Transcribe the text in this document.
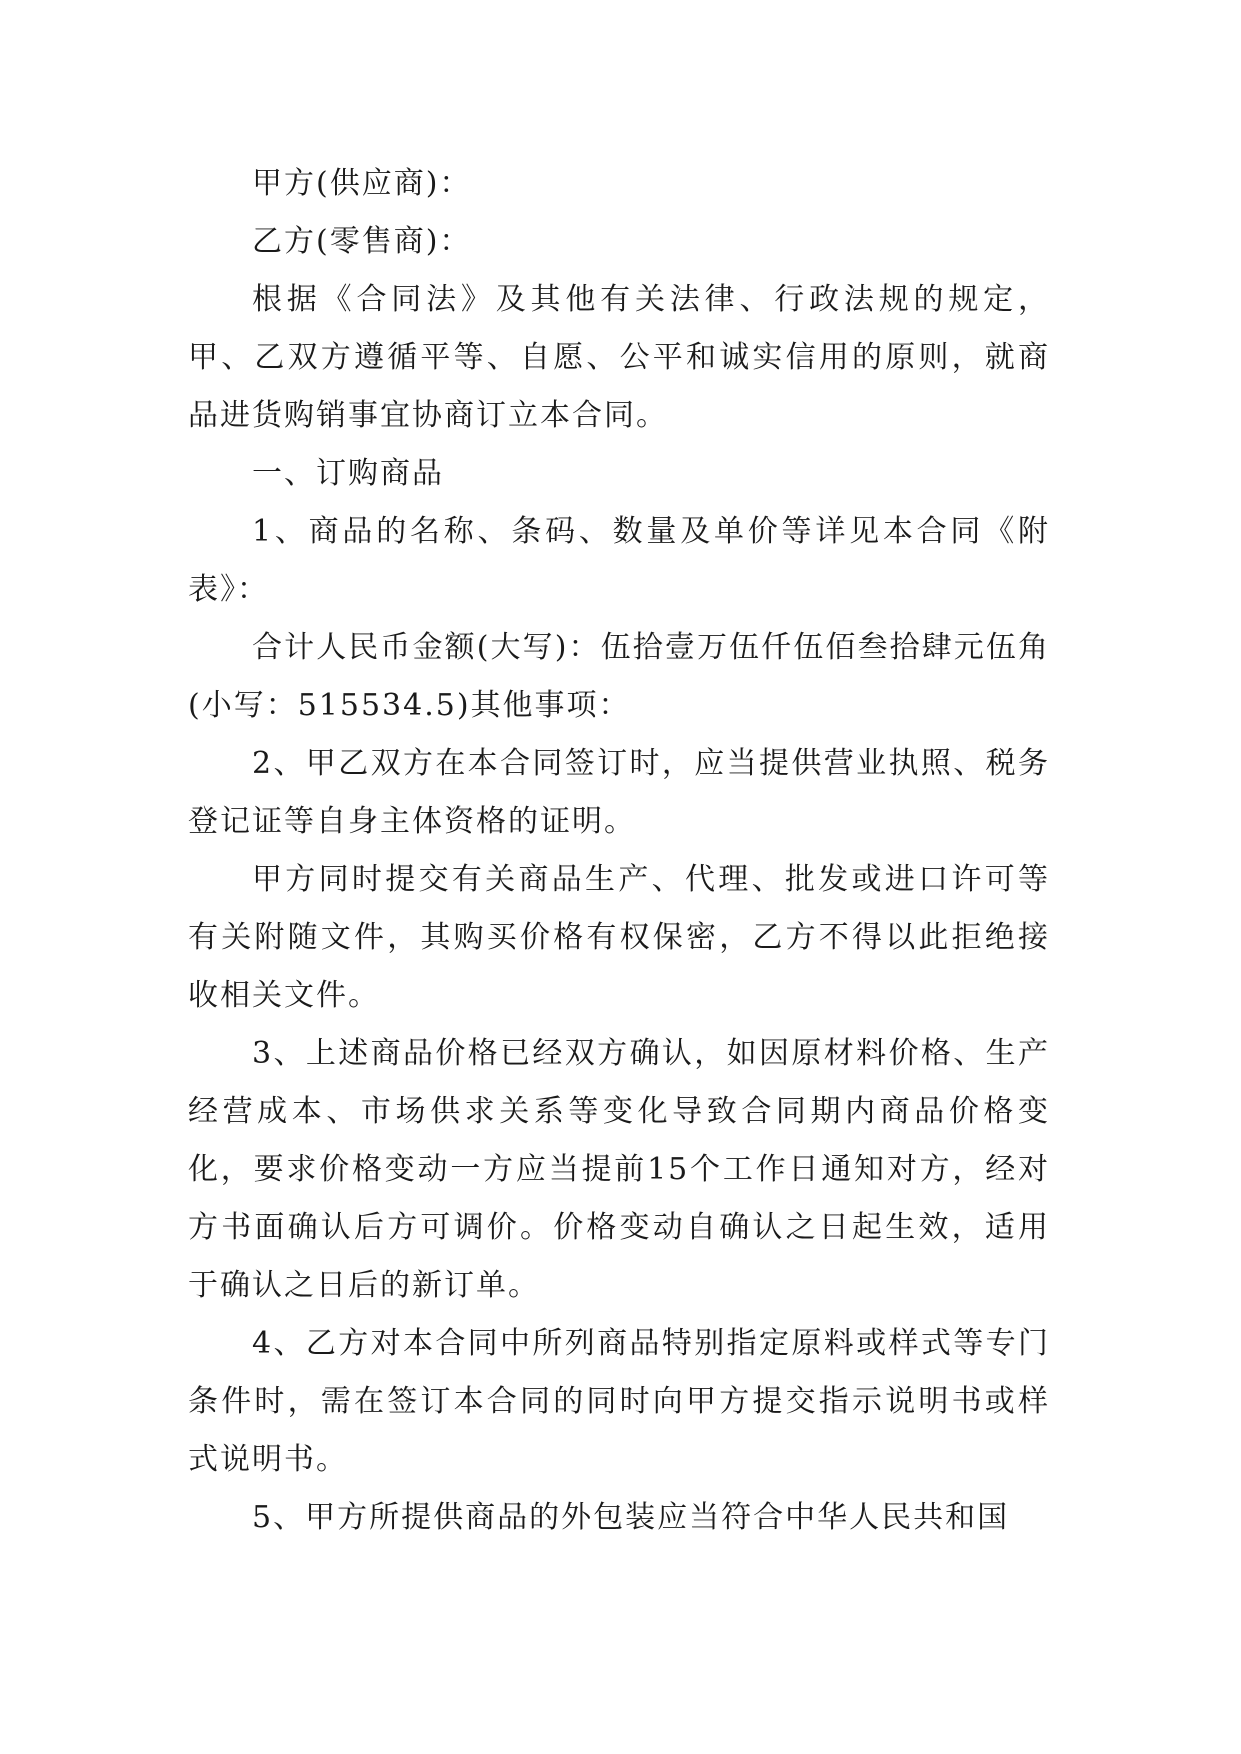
甲方(供应商)：

乙方(零售商)：

根据《合同法》及其他有关法律、行政法规的规定，甲、乙双方遵循平等、自愿、公平和诚实信用的原则，就商品进货购销事宜协商订立本合同。

一、订购商品

1、商品的名称、条码、数量及单价等详见本合同《附表》：

合计人民币金额(大写)：伍拾壹万伍仟伍佰叁拾肆元伍角(小写：515534.5)其他事项：

2、甲乙双方在本合同签订时，应当提供营业执照、税务登记证等自身主体资格的证明。

甲方同时提交有关商品生产、代理、批发或进口许可等有关附随文件，其购买价格有权保密，乙方不得以此拒绝接收相关文件。

3、上述商品价格已经双方确认，如因原材料价格、生产经营成本、市场供求关系等变化导致合同期内商品价格变化，要求价格变动一方应当提前15个工作日通知对方，经对方书面确认后方可调价。价格变动自确认之日起生效，适用于确认之日后的新订单。

4、乙方对本合同中所列商品特别指定原料或样式等专门条件时，需在签订本合同的同时向甲方提交指示说明书或样式说明书。

5、甲方所提供商品的外包装应当符合中华人民共和国
